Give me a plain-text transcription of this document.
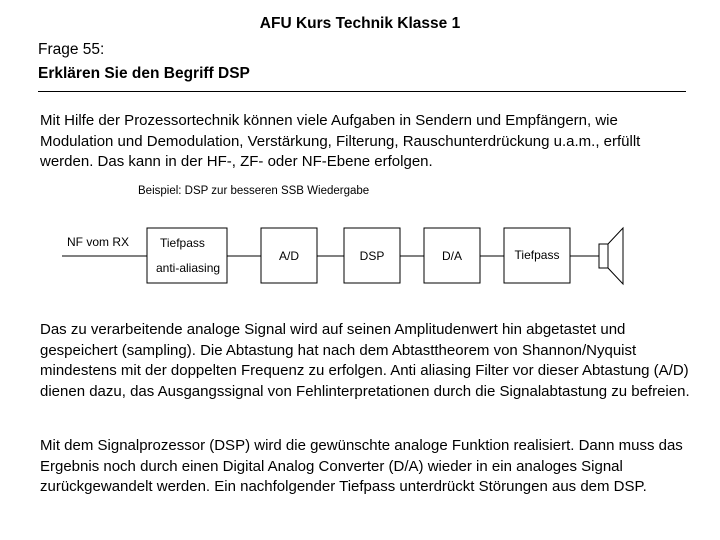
AFU Kurs Technik Klasse 1
Frage 55:
Erklären Sie den Begriff DSP

Mit Hilfe der Prozessortechnik können viele Aufgaben in Sendern und Empfängern, wie Modulation und Demodulation, Verstärkung, Filterung, Rauschunterdrückung u.a.m., erfüllt werden. Das kann in der HF-, ZF- oder NF-Ebene erfolgen.

Beispiel: DSP zur besseren SSB Wiedergabe
NF vom RX	Tiefpass
anti-aliasing
A/D	DSP	D/A	Tiefpass

Das zu verarbeitende analoge Signal wird auf seinen Amplitudenwert hin abgetastet und gespeichert (sampling). Die Abtastung hat nach dem Abtasttheorem von Shannon/Nyquist mindestens mit der doppelten Frequenz zu erfolgen. Anti aliasing Filter vor dieser Abtastung (A/D) dienen dazu, das Ausgangssignal von Fehlinterpretationen durch die Signalabtastung zu befreien.

Mit dem Signalprozessor (DSP) wird die gewünschte analoge Funktion realisiert. Dann muss das Ergebnis noch durch einen Digital Analog Converter (D/A) wieder in ein analoges Signal zurückgewandelt werden. Ein nachfolgender Tiefpass unterdrückt Störungen aus dem DSP.
